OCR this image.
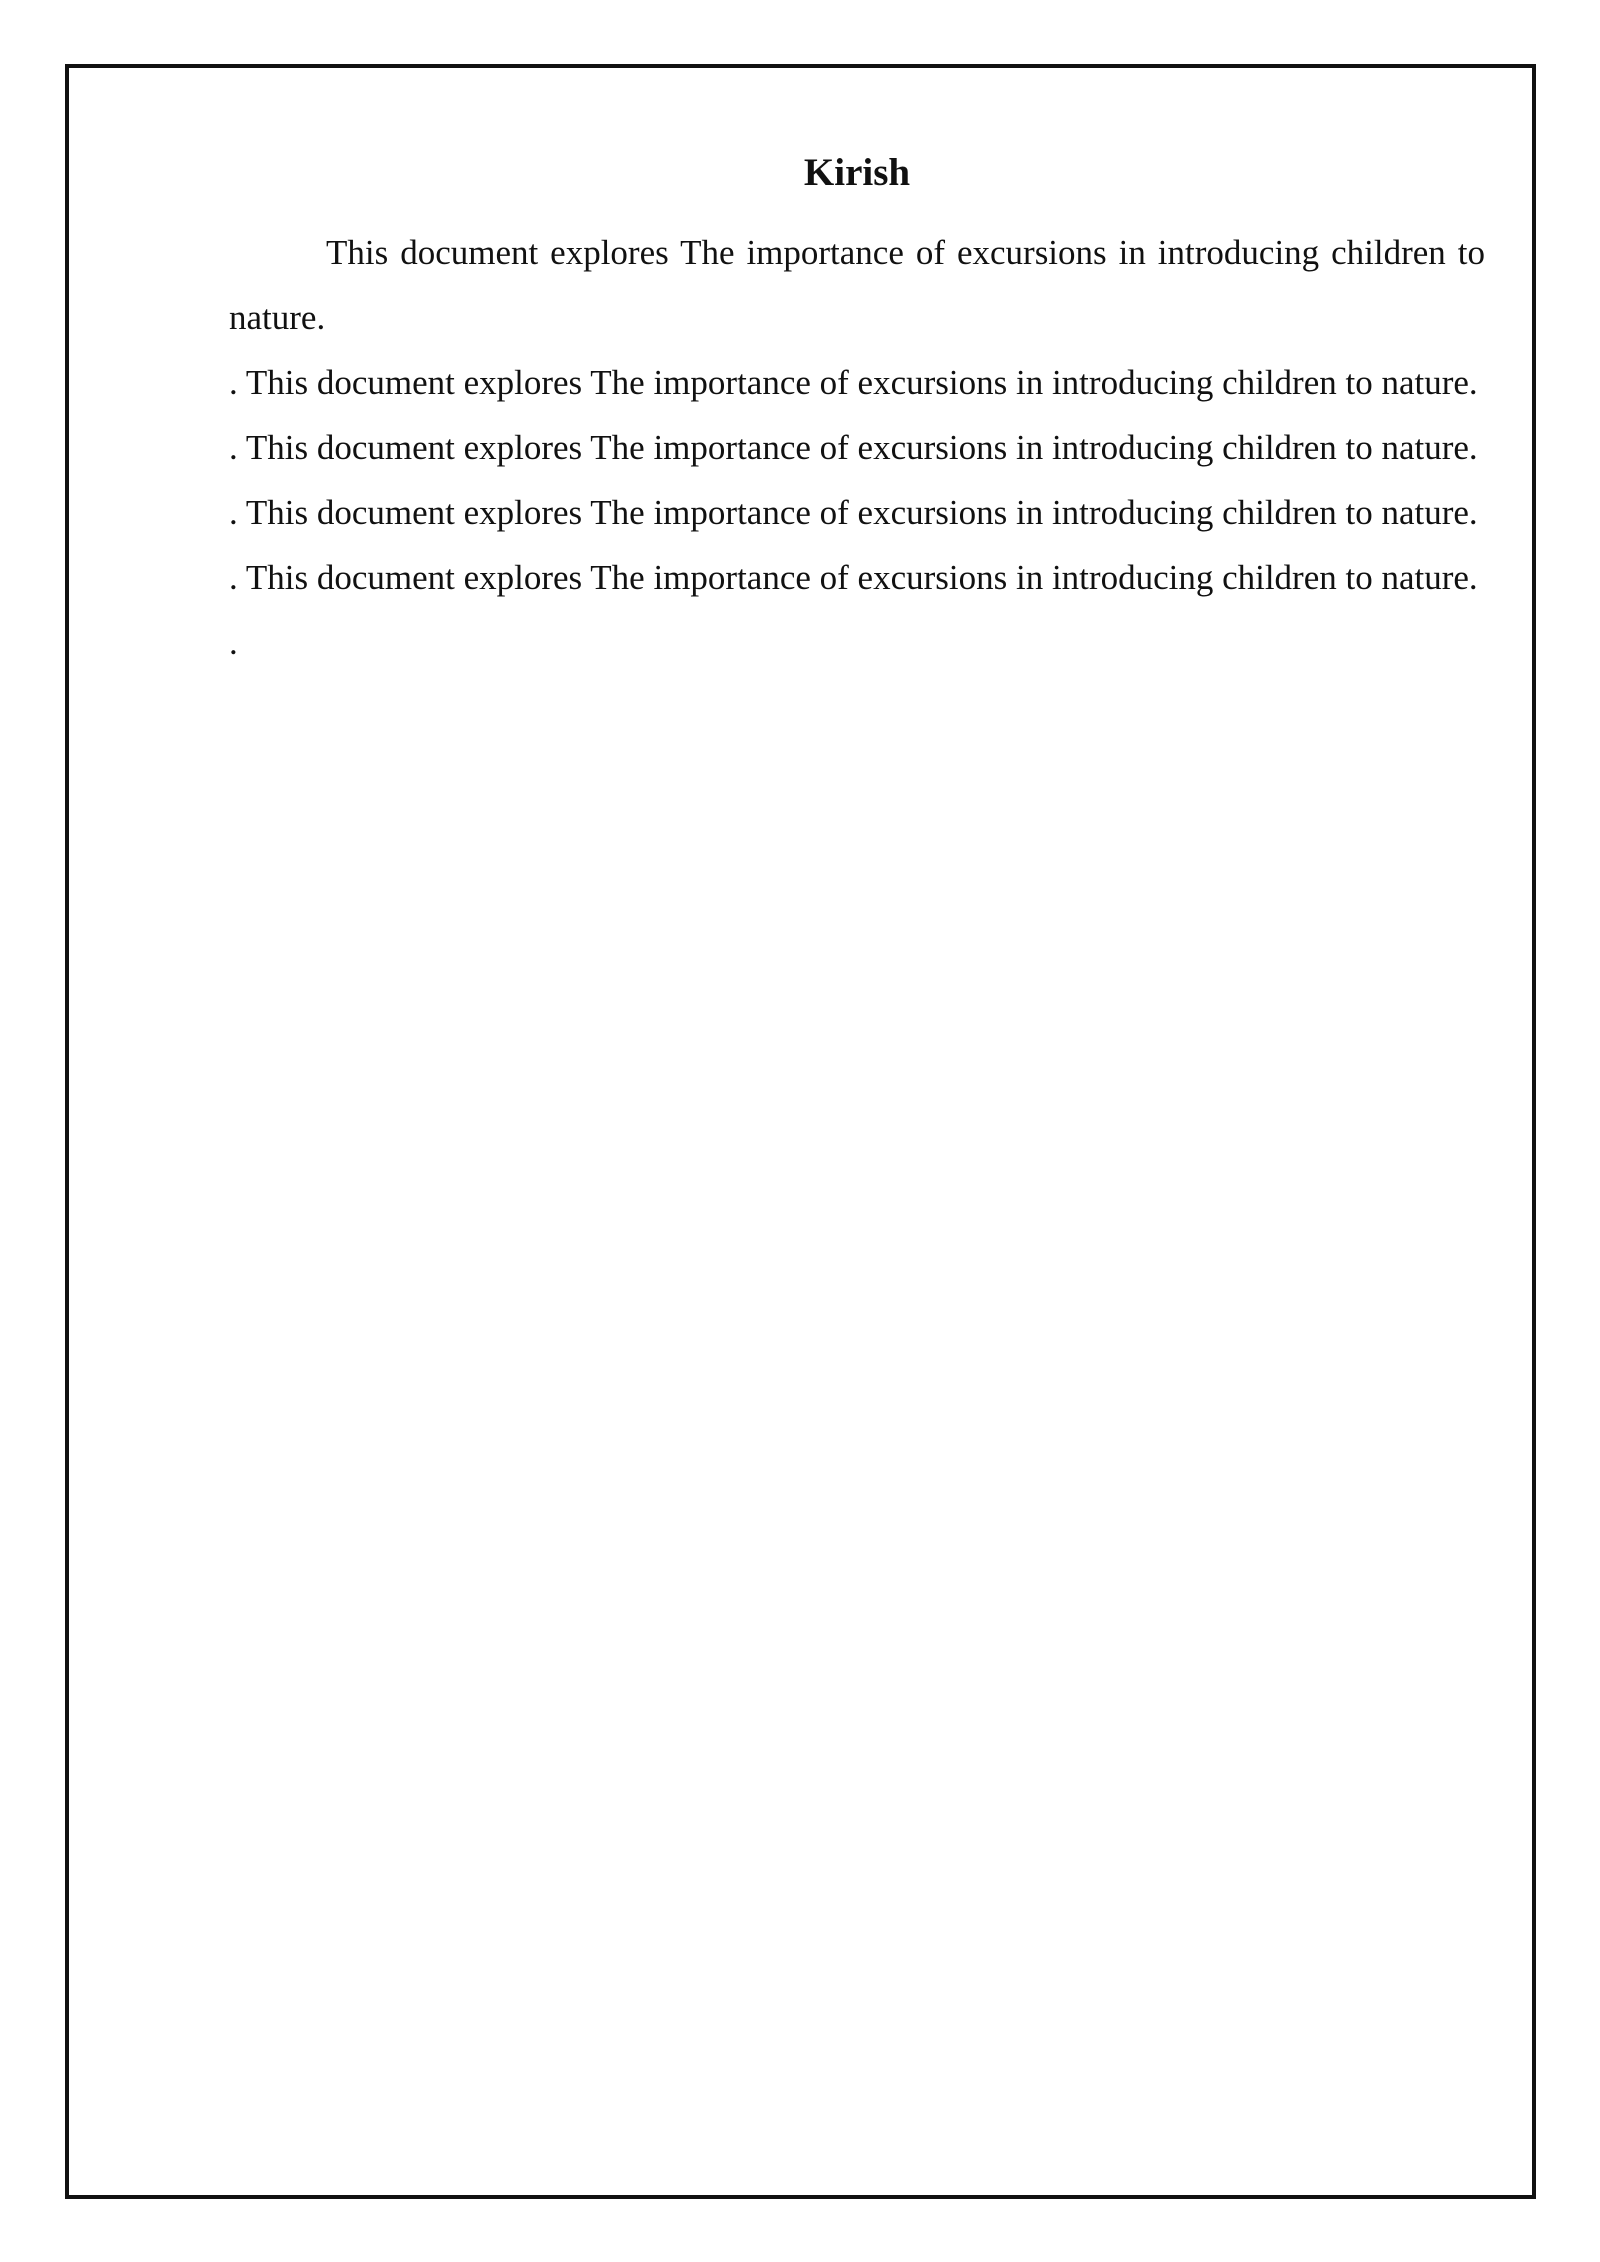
Kirish

This document explores The importance of excursions in introducing children to nature.

. This document explores The importance of excursions in introducing children to nature.

. This document explores The importance of excursions in introducing children to nature.

. This document explores The importance of excursions in introducing children to nature.

. This document explores The importance of excursions in introducing children to nature.

.
